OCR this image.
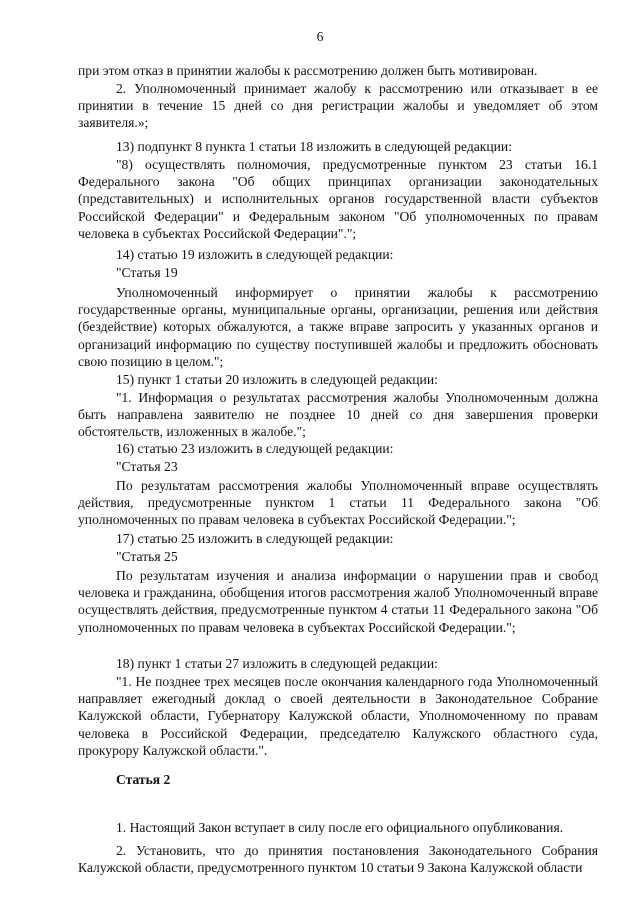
6
при этом отказ в принятии жалобы к рассмотрению должен быть мотивирован.
2. Уполномоченный принимает жалобу к рассмотрению или отказывает в ее принятии в течение 15 дней со дня регистрации жалобы и уведомляет об этом заявителя.»;
13) подпункт 8 пункта 1 статьи 18 изложить в следующей редакции:
"8) осуществлять полномочия, предусмотренные пунктом 23 статьи 16.1 Федерального закона "Об общих принципах организации законодательных (представительных) и исполнительных органов государственной власти субъектов Российской Федерации" и Федеральным законом "Об уполномоченных по правам человека в субъектах Российской Федерации".";
14) статью 19 изложить в следующей редакции:
"Статья 19
Уполномоченный информирует о принятии жалобы к рассмотрению государственные органы, муниципальные органы, организации, решения или действия (бездействие) которых обжалуются, а также вправе запросить у указанных органов и организаций информацию по существу поступившей жалобы и предложить обосновать свою позицию в целом.";
15) пункт 1 статьи 20 изложить в следующей редакции:
"1. Информация о результатах рассмотрения жалобы Уполномоченным должна быть направлена заявителю не позднее 10 дней со дня завершения проверки обстоятельств, изложенных в жалобе.";
16) статью 23 изложить в следующей редакции:
"Статья 23
По результатам рассмотрения жалобы Уполномоченный вправе осуществлять действия, предусмотренные пунктом 1 статьи 11 Федерального закона "Об уполномоченных по правам человека в субъектах Российской Федерации.";
17) статью 25 изложить в следующей редакции:
"Статья 25
По результатам изучения и анализа информации о нарушении прав и свобод человека и гражданина, обобщения итогов рассмотрения жалоб Уполномоченный вправе осуществлять действия, предусмотренные пунктом 4 статьи 11 Федерального закона "Об уполномоченных по правам человека в субъектах Российской Федерации.";
18) пункт 1 статьи 27 изложить в следующей редакции:
"1. Не позднее трех месяцев после окончания календарного года Уполномоченный направляет ежегодный доклад о своей деятельности в Законодательное Собрание Калужской области, Губернатору Калужской области, Уполномоченному по правам человека в Российской Федерации, председателю Калужского областного суда, прокурору Калужской области.".
Статья 2
1. Настоящий Закон вступает в силу после его официального опубликования.
2. Установить, что до принятия постановления Законодательного Собрания Калужской области, предусмотренного пунктом 10 статьи 9 Закона Калужской области
